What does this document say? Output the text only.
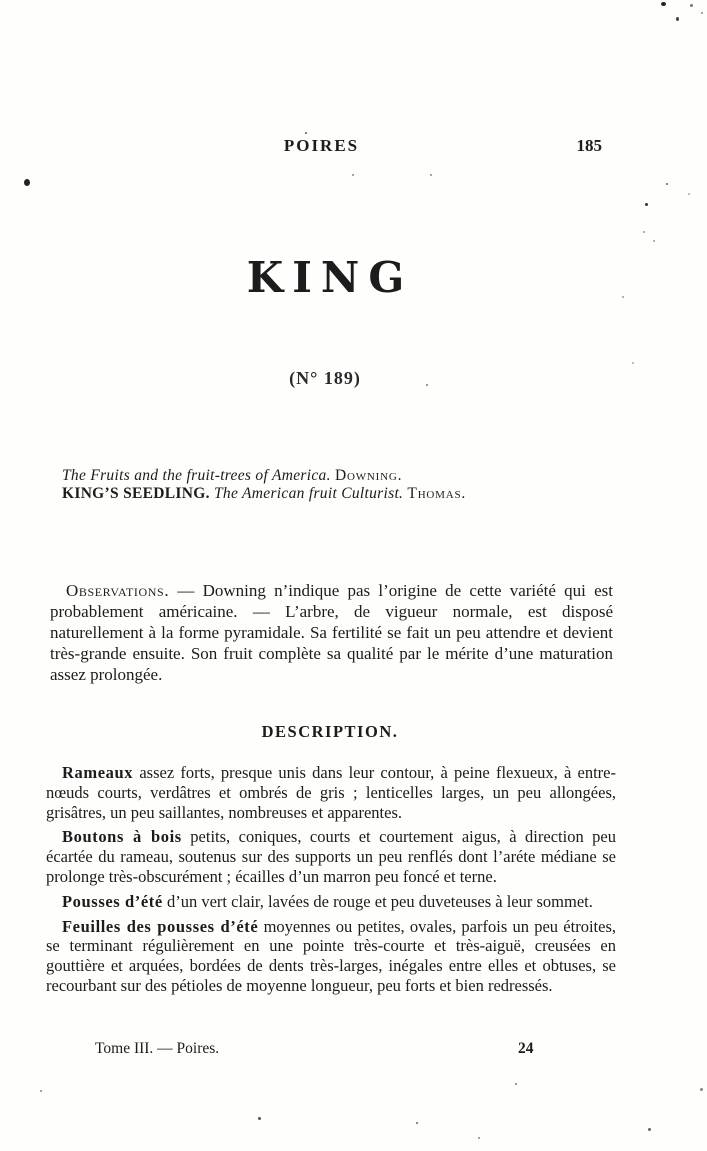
POIRES	185
KING
(N° 189)
The Fruits and the fruit-trees of America. Downing.
KING’S SEEDLING. The American fruit Culturist. Thomas.

Observations. — Downing n’indique pas l’origine de cette variété qui est probablement américaine. — L’arbre, de vigueur normale, est disposé naturellement à la forme pyramidale. Sa fertilité se fait un peu attendre et devient très-grande ensuite. Son fruit complète sa qualité par le mérite d’une maturation assez prolongée.

DESCRIPTION.

Rameaux assez forts, presque unis dans leur contour, à peine flexueux, à entre-nœuds courts, verdâtres et ombrés de gris ; lenticelles larges, un peu allongées, grisâtres, un peu saillantes, nombreuses et apparentes.

Boutons à bois petits, coniques, courts et courtement aigus, à direction peu écartée du rameau, soutenus sur des supports un peu renflés dont l’aréte médiane se prolonge très-obscurément ; écailles d’un marron peu foncé et terne.

Pousses d’été d’un vert clair, lavées de rouge et peu duveteuses à leur sommet.

Feuilles des pousses d’été moyennes ou petites, ovales, parfois un peu étroites, se terminant régulièrement en une pointe très-courte et très-aiguë, creusées en gouttière et arquées, bordées de dents très-larges, inégales entre elles et obtuses, se recourbant sur des pétioles de moyenne longueur, peu forts et bien redressés.

Tome III. — Poires.	24
